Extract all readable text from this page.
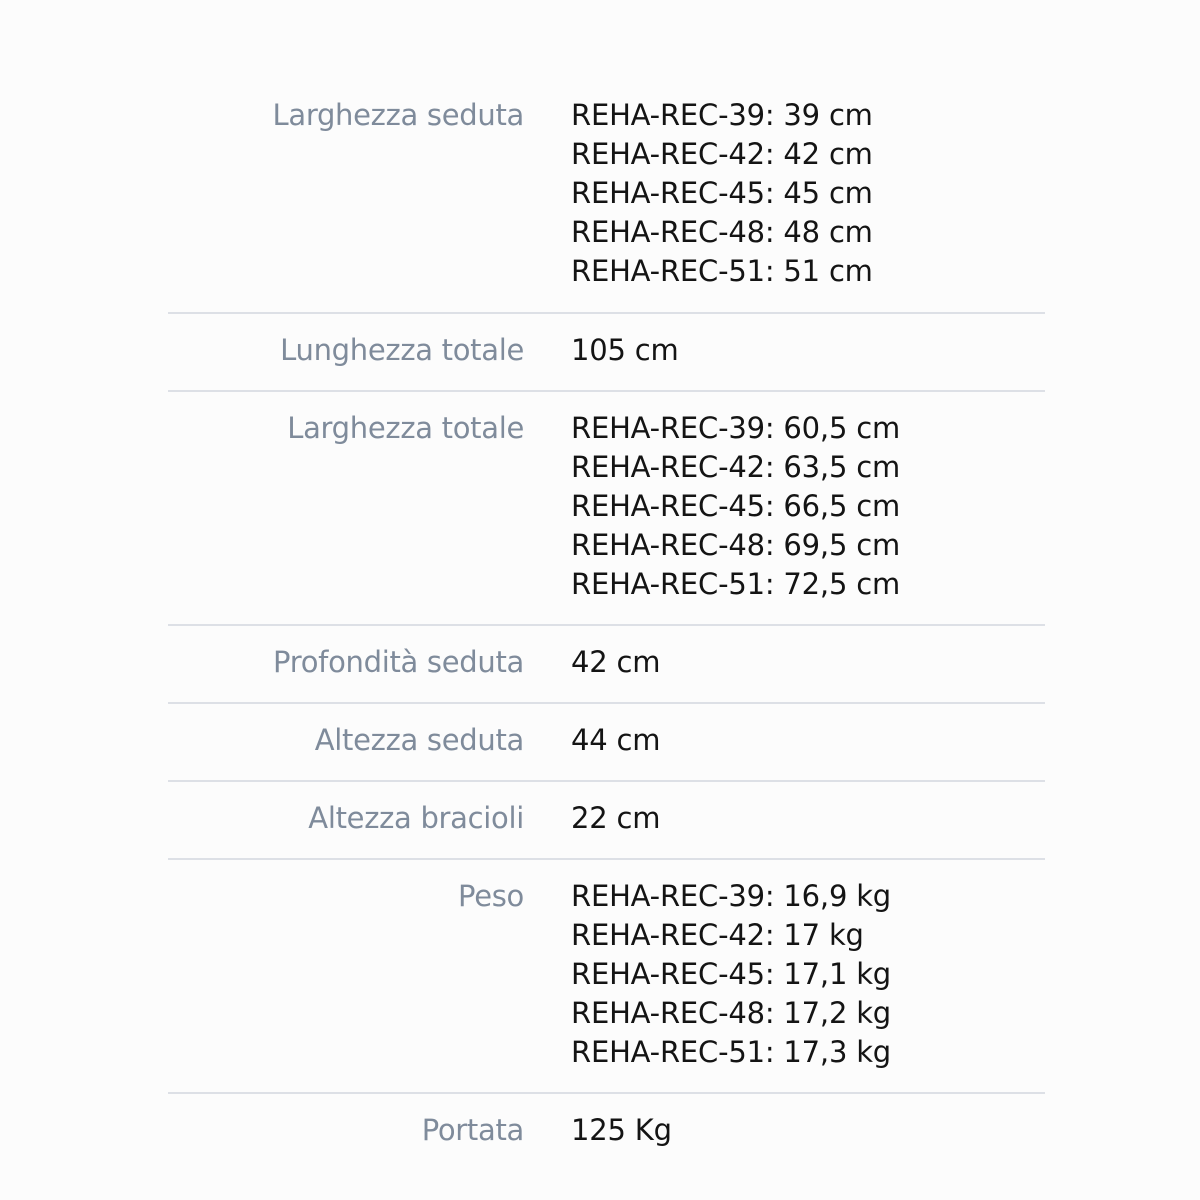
Larghezza seduta REHA-REC-39: 39 cm
REHA-REC-42: 42 cm
REHA-REC-45: 45 cm
REHA-REC-48: 48 cm
REHA-REC-51: 51 cm
Lunghezza totale 105 cm
Larghezza totale REHA-REC-39: 60,5 cm
REHA-REC-42: 63,5 cm
REHA-REC-45: 66,5 cm
REHA-REC-48: 69,5 cm
REHA-REC-51: 72,5 cm
Profondità seduta 42 cm
Altezza seduta 44 cm
Altezza bracioli 22 cm
Peso REHA-REC-39: 16,9 kg
REHA-REC-42: 17 kg
REHA-REC-45: 17,1 kg
REHA-REC-48: 17,2 kg
REHA-REC-51: 17,3 kg
Portata 125 Kg
